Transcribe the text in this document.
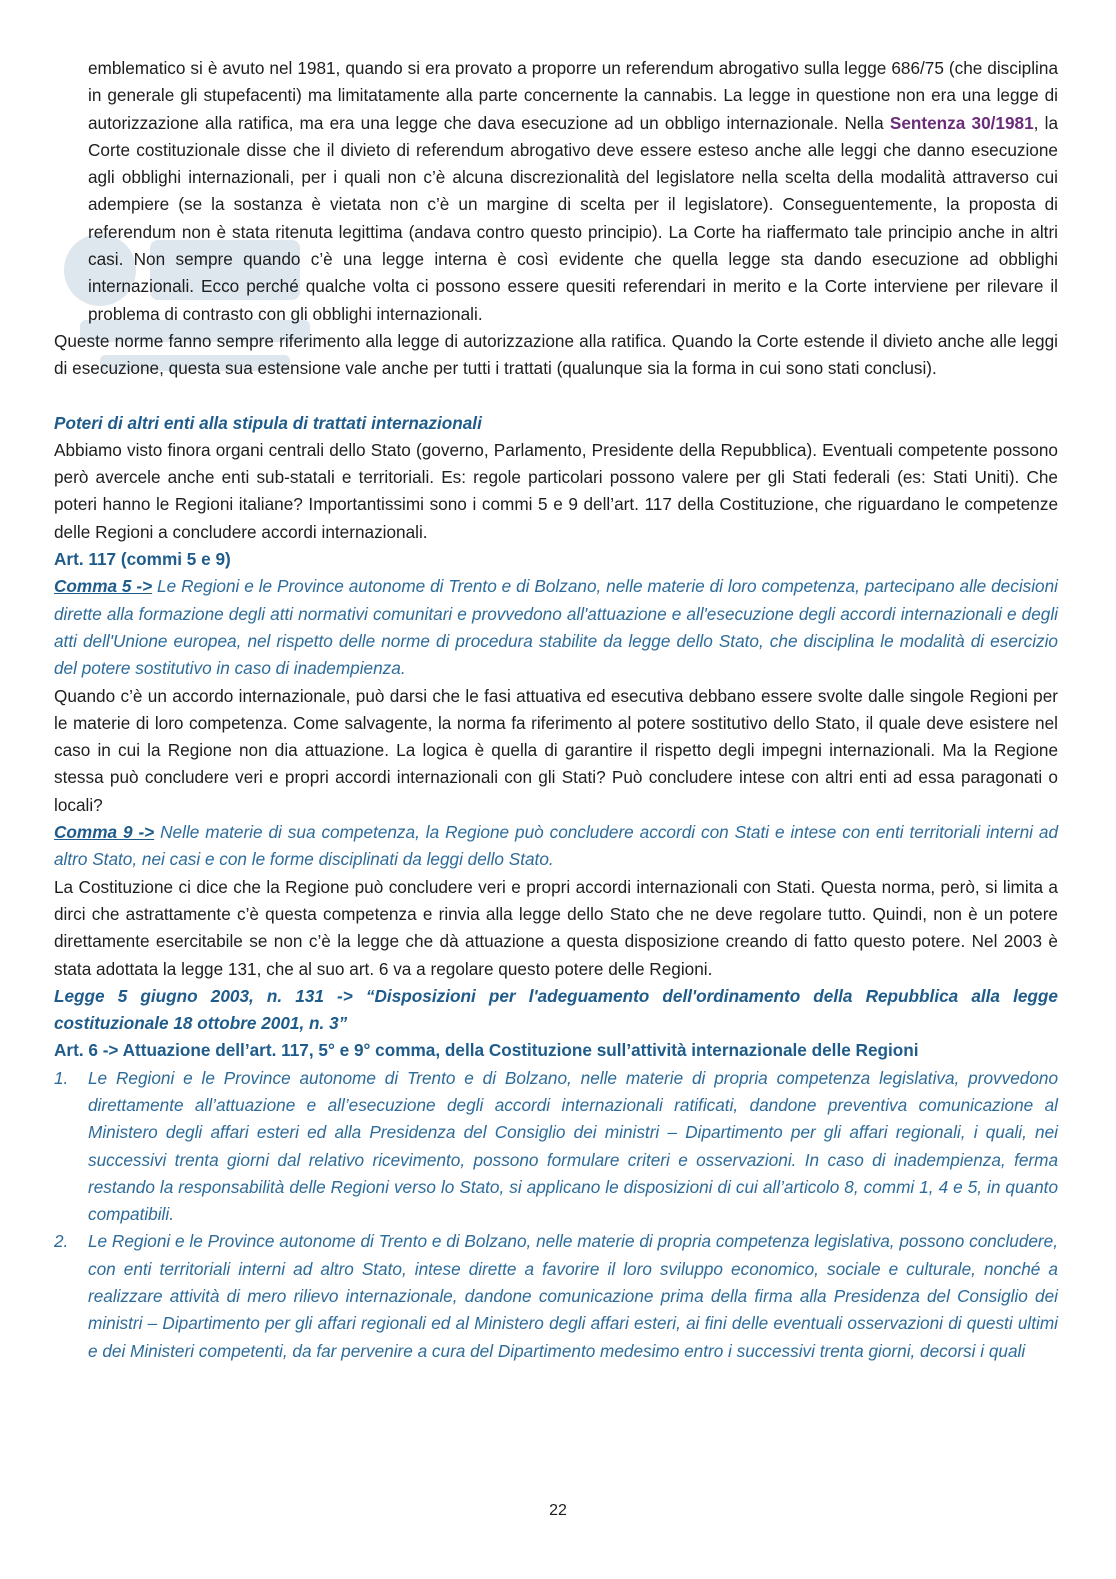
emblematico si è avuto nel 1981, quando si era provato a proporre un referendum abrogativo sulla legge 686/75 (che disciplina in generale gli stupefacenti) ma limitatamente alla parte concernente la cannabis. La legge in questione non era una legge di autorizzazione alla ratifica, ma era una legge che dava esecuzione ad un obbligo internazionale. Nella Sentenza 30/1981, la Corte costituzionale disse che il divieto di referendum abrogativo deve essere esteso anche alle leggi che danno esecuzione agli obblighi internazionali, per i quali non c’è alcuna discrezionalità del legislatore nella scelta della modalità attraverso cui adempiere (se la sostanza è vietata non c’è un margine di scelta per il legislatore). Conseguentemente, la proposta di referendum non è stata ritenuta legittima (andava contro questo principio). La Corte ha riaffermato tale principio anche in altri casi. Non sempre quando c’è una legge interna è così evidente che quella legge sta dando esecuzione ad obblighi internazionali. Ecco perché qualche volta ci possono essere quesiti referendari in merito e la Corte interviene per rilevare il problema di contrasto con gli obblighi internazionali.

Queste norme fanno sempre riferimento alla legge di autorizzazione alla ratifica. Quando la Corte estende il divieto anche alle leggi di esecuzione, questa sua estensione vale anche per tutti i trattati (qualunque sia la forma in cui sono stati conclusi).

Poteri di altri enti alla stipula di trattati internazionali

Abbiamo visto finora organi centrali dello Stato (governo, Parlamento, Presidente della Repubblica). Eventuali competente possono però avercele anche enti sub-statali e territoriali. Es: regole particolari possono valere per gli Stati federali (es: Stati Uniti). Che poteri hanno le Regioni italiane? Importantissimi sono i commi 5 e 9 dell’art. 117 della Costituzione, che riguardano le competenze delle Regioni a concludere accordi internazionali.

Art. 117 (commi 5 e 9)

Comma 5 -> Le Regioni e le Province autonome di Trento e di Bolzano, nelle materie di loro competenza, partecipano alle decisioni dirette alla formazione degli atti normativi comunitari e provvedono all'attuazione e all'esecuzione degli accordi internazionali e degli atti dell'Unione europea, nel rispetto delle norme di procedura stabilite da legge dello Stato, che disciplina le modalità di esercizio del potere sostitutivo in caso di inadempienza.

Quando c’è un accordo internazionale, può darsi che le fasi attuativa ed esecutiva debbano essere svolte dalle singole Regioni per le materie di loro competenza. Come salvagente, la norma fa riferimento al potere sostitutivo dello Stato, il quale deve esistere nel caso in cui la Regione non dia attuazione. La logica è quella di garantire il rispetto degli impegni internazionali. Ma la Regione stessa può concludere veri e propri accordi internazionali con gli Stati? Può concludere intese con altri enti ad essa paragonati o locali?

Comma 9 -> Nelle materie di sua competenza, la Regione può concludere accordi con Stati e intese con enti territoriali interni ad altro Stato, nei casi e con le forme disciplinati da leggi dello Stato.

La Costituzione ci dice che la Regione può concludere veri e propri accordi internazionali con Stati. Questa norma, però, si limita a dirci che astrattamente c’è questa competenza e rinvia alla legge dello Stato che ne deve regolare tutto. Quindi, non è un potere direttamente esercitabile se non c’è la legge che dà attuazione a questa disposizione creando di fatto questo potere. Nel 2003 è stata adottata la legge 131, che al suo art. 6 va a regolare questo potere delle Regioni.

Legge 5 giugno 2003, n. 131 -> “Disposizioni per l'adeguamento dell'ordinamento della Repubblica alla legge costituzionale 18 ottobre 2001, n. 3”

Art. 6 -> Attuazione dell’art. 117, 5° e 9° comma, della Costituzione sull’attività internazionale delle Regioni

1. Le Regioni e le Province autonome di Trento e di Bolzano, nelle materie di propria competenza legislativa, provvedono direttamente all’attuazione e all’esecuzione degli accordi internazionali ratificati, dandone preventiva comunicazione al Ministero degli affari esteri ed alla Presidenza del Consiglio dei ministri – Dipartimento per gli affari regionali, i quali, nei successivi trenta giorni dal relativo ricevimento, possono formulare criteri e osservazioni. In caso di inadempienza, ferma restando la responsabilità delle Regioni verso lo Stato, si applicano le disposizioni di cui all’articolo 8, commi 1, 4 e 5, in quanto compatibili.
2. Le Regioni e le Province autonome di Trento e di Bolzano, nelle materie di propria competenza legislativa, possono concludere, con enti territoriali interni ad altro Stato, intese dirette a favorire il loro sviluppo economico, sociale e culturale, nonché a realizzare attività di mero rilievo internazionale, dandone comunicazione prima della firma alla Presidenza del Consiglio dei ministri – Dipartimento per gli affari regionali ed al Ministero degli affari esteri, ai fini delle eventuali osservazioni di questi ultimi e dei Ministeri competenti, da far pervenire a cura del Dipartimento medesimo entro i successivi trenta giorni, decorsi i quali
22
